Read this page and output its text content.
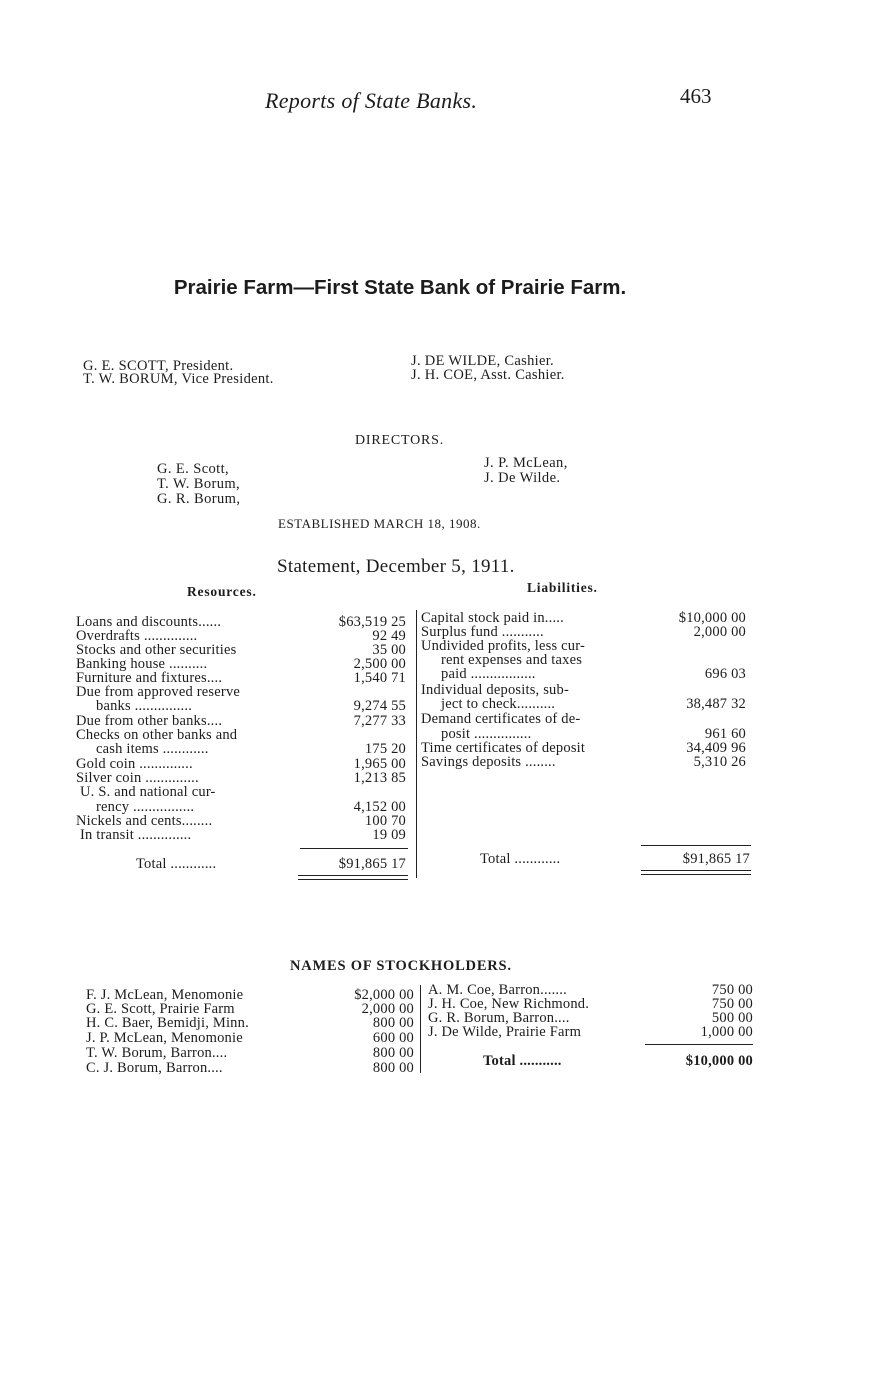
Reports of State Banks.	463
Prairie Farm—First State Bank of Prairie Farm.
G. E. SCOTT, President.
T. W. BORUM, Vice President.
J. DE WILDE, Cashier.
J. H. COE, Asst. Cashier.
DIRECTORS.
G. E. Scott,
T. W. Borum,
G. R. Borum,
J. P. McLean,
J. De Wilde.
ESTABLISHED MARCH 18, 1908.
Statement, December 5, 1911.
Resources.	Liabilities.
Loans and discounts......	$63,519 25
Overdrafts ..............	92 49
Stocks and other securities	35 00
Banking house ..........	2,500 00
Furniture and fixtures....	1,540 71
Due from approved reserve
banks ...............	9,274 55
Due from other banks....	7,277 33
Checks on other banks and
cash items ............	175 20
Gold coin ..............	1,965 00
Silver coin ..............	1,213 85
U. S. and national cur-
rency ................	4,152 00
Nickels and cents........	100 70
In transit ..............	19 09
Total ............	$91,865 17
Capital stock paid in.....	$10,000 00
Surplus fund ...........	2,000 00
Undivided profits, less cur-
rent expenses and taxes
paid .................	696 03
Individual deposits, sub-
ject to check..........	38,487 32
Demand certificates of de-
posit ...............	961 60
Time certificates of deposit	34,409 96
Savings deposits ........	5,310 26
Total ............	$91,865 17
NAMES OF STOCKHOLDERS.
F. J. McLean, Menomonie	$2,000 00
G. E. Scott, Prairie Farm	2,000 00
H. C. Baer, Bemidji, Minn.	800 00
J. P. McLean, Menomonie	600 00
T. W. Borum, Barron....	800 00
C. J. Borum, Barron....	800 00
A. M. Coe, Barron.......	750 00
J. H. Coe, New Richmond.	750 00
G. R. Borum, Barron....	500 00
J. De Wilde, Prairie Farm	1,000 00
Total ...........	$10,000 00
